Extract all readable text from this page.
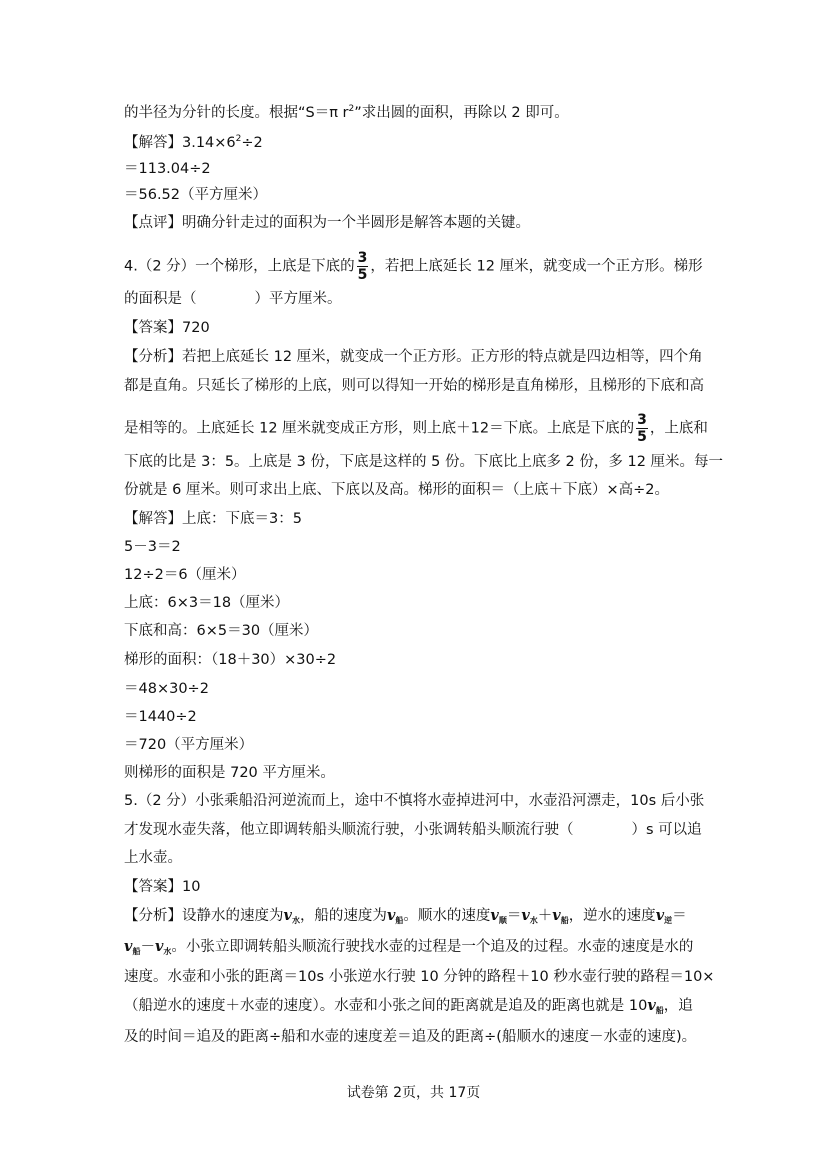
的半径为分针的长度。根据“S＝π $r^2$”求出圆的面积，再除以 2 即可。
【解答】$3.14\times 6^2\div 2$
＝113.04÷2
＝56.52（平方厘米）
【点评】明确分针走过的面积为一个半圆形是解答本题的关键。
4.（2 分）一个梯形，上底是下底的 $\frac{3}{5}$ ，若把上底延长 12 厘米，就变成一个正方形。梯形
的面积是（　　　　）平方厘米。
【答案】720
【分析】若把上底延长 12 厘米，就变成一个正方形。正方形的特点就是四边相等，四个角
都是直角。只延长了梯形的上底，则可以得知一开始的梯形是直角梯形，且梯形的下底和高
是相等的。上底延长 12 厘米就变成正方形，则上底＋12＝下底。上底是下底的 $\frac{3}{5}$ ，上底和
下底的比是 3：5。上底是 3 份，下底是这样的 5 份。下底比上底多 2 份，多 12 厘米。每一
份就是 6 厘米。则可求出上底、下底以及高。梯形的面积＝（上底＋下底）×高÷2。
【解答】上底：下底＝3：5
5－3＝2
12÷2＝6（厘米）
上底：6×3＝18（厘米）
下底和高：6×5＝30（厘米）
梯形的面积：（18＋30）×30÷2
＝48×30÷2
＝1440÷2
＝720（平方厘米）
则梯形的面积是 720 平方厘米。
5.（2 分）小张乘船沿河逆流而上，途中不慎将水壶掉进河中，水壶沿河漂走，10s 后小张
才发现水壶失落，他立即调转船头顺流行驶，小张调转船头顺流行驶（　　　　）s 可以追
上水壶。
【答案】10
【分析】设静水的速度为$v_水$，船的速度为$v_船$。顺水的速度$v_顺=v_水+v_船$，逆水的速度$v_逆=$
$v_船-v_水$。小张立即调转船头顺流行驶找水壶的过程是一个追及的过程。水壶的速度是水的
速度。水壶和小张的距离＝10s 小张逆水行驶 10 分钟的路程＋10 秒水壶行驶的路程＝10×
（船逆水的速度＋水壶的速度）。水壶和小张之间的距离就是追及的距离也就是 $10v_船$，追
及的时间＝追及的距离÷船和水壶的速度差＝追及的距离÷(船顺水的速度－水壶的速度)。
试卷第 2页，共 17页
